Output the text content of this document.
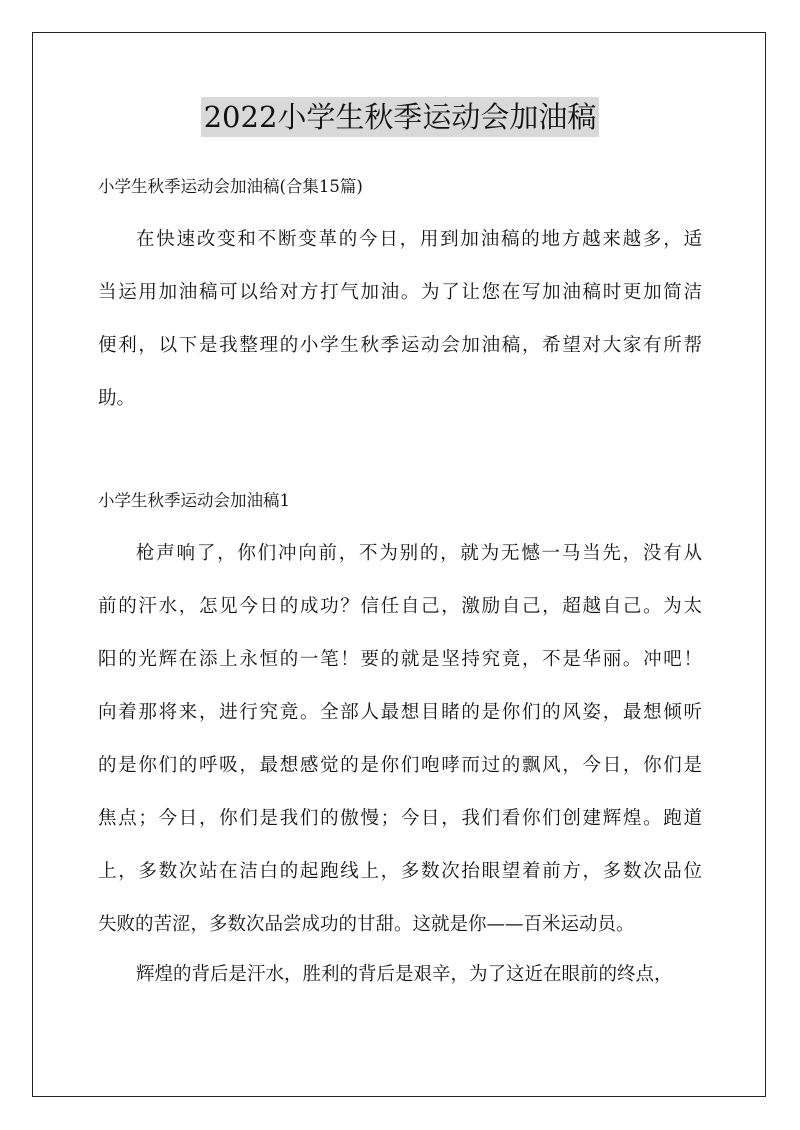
2022小学生秋季运动会加油稿
小学生秋季运动会加油稿(合集15篇)
在快速改变和不断变革的今日，用到加油稿的地方越来越多，适
当运用加油稿可以给对方打气加油。为了让您在写加油稿时更加简洁
便利，以下是我整理的小学生秋季运动会加油稿，希望对大家有所帮
助。
小学生秋季运动会加油稿1
枪声响了，你们冲向前，不为别的，就为无憾一马当先，没有从
前的汗水，怎见今日的成功？信任自己，激励自己，超越自己。为太
阳的光辉在添上永恒的一笔！要的就是坚持究竟，不是华丽。冲吧！
向着那将来，进行究竟。全部人最想目睹的是你们的风姿，最想倾听
的是你们的呼吸，最想感觉的是你们咆哮而过的飘风，今日，你们是
焦点；今日，你们是我们的傲慢；今日，我们看你们创建辉煌。跑道
上，多数次站在洁白的起跑线上，多数次抬眼望着前方，多数次品位
失败的苦涩，多数次品尝成功的甘甜。这就是你——百米运动员。
辉煌的背后是汗水，胜利的背后是艰辛，为了这近在眼前的终点，
